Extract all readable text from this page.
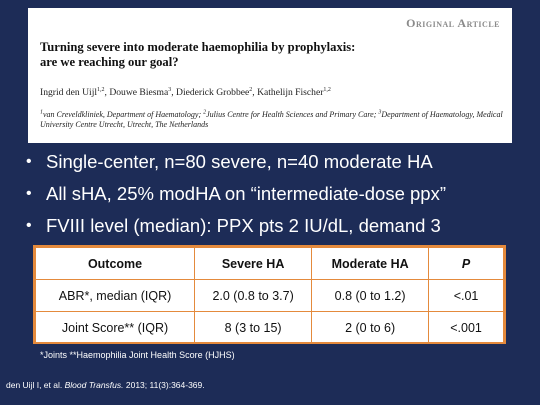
Original Article
Turning severe into moderate haemophilia by prophylaxis:
are we reaching our goal?
Ingrid den Uijl$^{1,2}$, Douwe Biesma$^3$, Diederick Grobbee$^2$, Kathelijn Fischer$^{1,2}$
$^1$van Creveldkliniek, Department of Haematology; $^2$Julius Centre for Health Sciences and Primary Care; $^3$Department of Haematology, Medical University Centre Utrecht, Utrecht, The Netherlands
• Single-center, n=80 severe, n=40 moderate HA
• All sHA, 25% modHA on “intermediate-dose ppx”
• FVIII level (median): PPX pts 2 IU/dL, demand 3
Outcome	Severe HA	Moderate HA	P
ABR*, median (IQR)	2.0 (0.8 to 3.7)	0.8 (0 to 1.2)	<.01
Joint Score** (IQR)	8 (3 to 15)	2 (0 to 6)	<.001
*Joints **Haemophilia Joint Health Score (HJHS)
den Uijl I, et al. Blood Transfus. 2013; 11(3):364-369.
